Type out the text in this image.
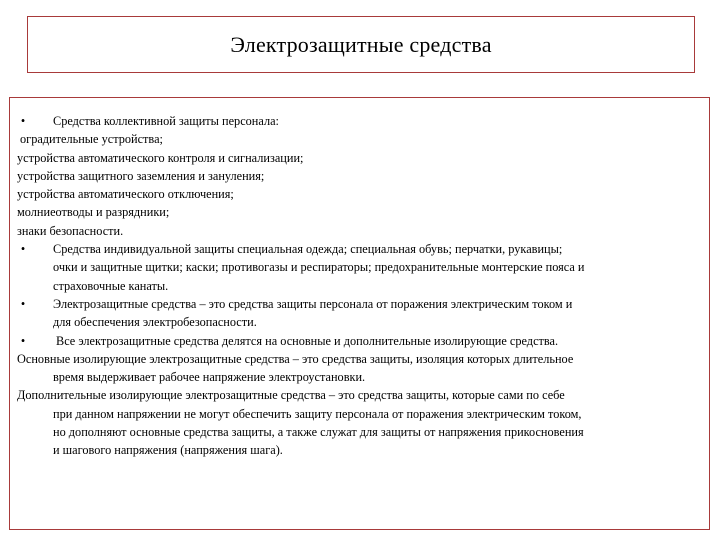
Электрозащитные средства
•	Средства коллективной защиты персонала:
оградительные устройства;
устройства автоматического контроля и сигнализации;
устройства защитного заземления и зануления;
устройства автоматического отключения;
молниеотводы и разрядники;
знаки безопасности.
•	Средства индивидуальной защиты специальная одежда; специальная обувь; перчатки, рукавицы;
очки и защитные щитки; каски; противогазы и респираторы; предохранительные монтерские пояса и
страховочные канаты.
•	Электрозащитные средства – это средства защиты персонала от поражения электрическим током и
для обеспечения электробезопасности.
•	Все электрозащитные средства делятся на основные и дополнительные изолирующие средства.
Основные изолирующие электрозащитные средства – это средства защиты, изоляция которых длительное
время выдерживает рабочее напряжение электроустановки.
Дополнительные изолирующие электрозащитные средства – это средства защиты, которые сами по себе
при данном напряжении не могут обеспечить защиту персонала от поражения электрическим током,
но дополняют основные средства защиты, а также служат для защиты от напряжения прикосновения
и шагового напряжения (напряжения шага).
